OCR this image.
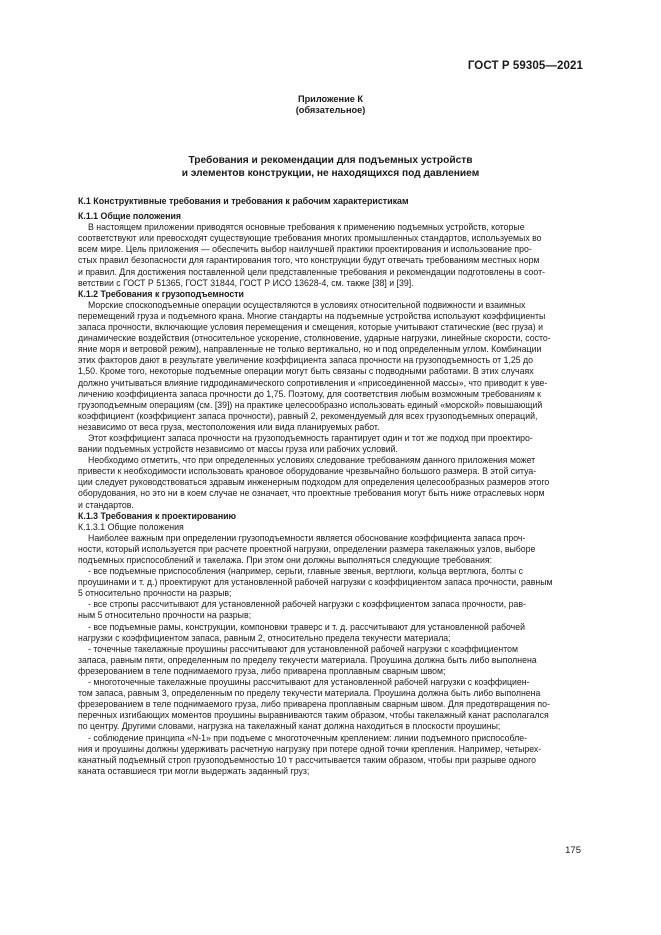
ГОСТ Р 59305—2021
Приложение К
(обязательное)
Требования и рекомендации для подъемных устройств
и элементов конструкции, не находящихся под давлением
К.1 Конструктивные требования и требования к рабочим характеристикам
К.1.1 Общие положения

В настоящем приложении приводятся основные требования к применению подъемных устройств, которые
соответствуют или превосходят существующие требования многих промышленных стандартов, используемых во
всем мире. Цель приложения — обеспечить выбор наилучшей практики проектирования и использование про-
стых правил безопасности для гарантирования того, что конструкции будут отвечать требованиям местных норм
и правил. Для достижения поставленной цели представленные требования и рекомендации подготовлены в соот-
ветствии с ГОСТ Р 51365, ГОСТ 31844, ГОСТ Р ИСО 13628-4, см. также [38] и [39].

К.1.2 Требования к грузоподъемности

Морские споскоподъемные операции осуществляются в условиях относительной подвижности и взаимных
перемещений груза и подъемного крана. Многие стандарты на подъемные устройства используют коэффициенты
запаса прочности, включающие условия перемещения и смещения, которые учитывают статические (вес груза) и
динамические воздействия (относительное ускорение, столкновение, ударные нагрузки, линейные скорости, состо-
яние моря и ветровой режим), направленные не только вертикально, но и под определенным углом. Комбинации
этих факторов дают в результате увеличение коэффициента запаса прочности на грузоподъемность от 1,25 до
1,50. Кроме того, некоторые подъемные операции могут быть связаны с подводными работами. В этих случаях
должно учитываться влияние гидродинамического сопротивления и «присоединенной массы», что приводит к уве-
личению коэффициента запаса прочности до 1,75. Поэтому, для соответствия любым возможным требованиям к
грузоподъемным операциям (см. [39]) на практике целесообразно использовать единый «морской» повышающий
коэффициент (коэффициент запаса прочности), равный 2, рекомендуемый для всех грузоподъемных операций,
независимо от веса груза, местоположения или вида планируемых работ.

Этот коэффициент запаса прочности на грузоподъемность гарантирует один и тот же подход при проектиро-
вании подъемных устройств независимо от массы груза или рабочих условий.

Необходимо отметить, что при определенных условиях следование требованиям данного приложения может
привести к необходимости использовать крановое оборудование чрезвычайно большого размера. В этой ситуа-
ции следует руководствоваться здравым инженерным подходом для определения целесообразных размеров этого
оборудования, но это ни в коем случае не означает, что проектные требования могут быть ниже отраслевых норм
и стандартов.

К.1.3 Требования к проектированию
К.1.3.1 Общие положения

Наиболее важным при определении грузоподъемности является обоснование коэффициента запаса проч-
ности, который используется при расчете проектной нагрузки, определении размера такелажных узлов, выборе
подъемных приспособлений и такелажа. При этом они должны выполняться следующие требования:

- все подъемные приспособления (например, серьги, главные звенья, вертлюги, кольца вертлюга, болты с
проушинами и т. д.) проектируют для установленной рабочей нагрузки с коэффициентом запаса прочности, равным
5 относительно прочности на разрыв;

- все стропы рассчитывают для установленной рабочей нагрузки с коэффициентом запаса прочности, рав-
ным 5 относительно прочности на разрыв;

- все подъемные рамы, конструкции, компоновки траверс и т. д. рассчитывают для установленной рабочей
нагрузки с коэффициентом запаса, равным 2, относительно предела текучести материала;

- точечные такелажные проушины рассчитывают для установленной рабочей нагрузки с коэффициентом
запаса, равным пяти, определенным по пределу текучести материала. Проушина должна быть либо выполнена
фрезерованием в теле поднимаемого груза, либо приварена проплавным сварным швом;

- многоточечные такелажные проушины рассчитывают для установленной рабочей нагрузки с коэффициен-
том запаса, равным 3, определенным по пределу текучести материала. Проушина должна быть либо выполнена
фрезерованием в теле поднимаемого груза, либо приварена проплавным сварным швом. Для предотвращения по-
перечных изгибающих моментов проушины выравниваются таким образом, чтобы такелажный канат располагался
по центру. Другими словами, нагрузка на такелажный канат должна находиться в плоскости проушины;

- соблюдение принципа «N-1» при подъеме с многоточечным креплением: линии подъемного приспособле-
ния и проушины должны удерживать расчетную нагрузку при потере одной точки крепления. Например, четырех-
канатный подъемный строп грузоподъемностью 10 т рассчитывается таким образом, чтобы при разрыве одного
каната оставшиеся три могли выдержать заданный груз;

175
